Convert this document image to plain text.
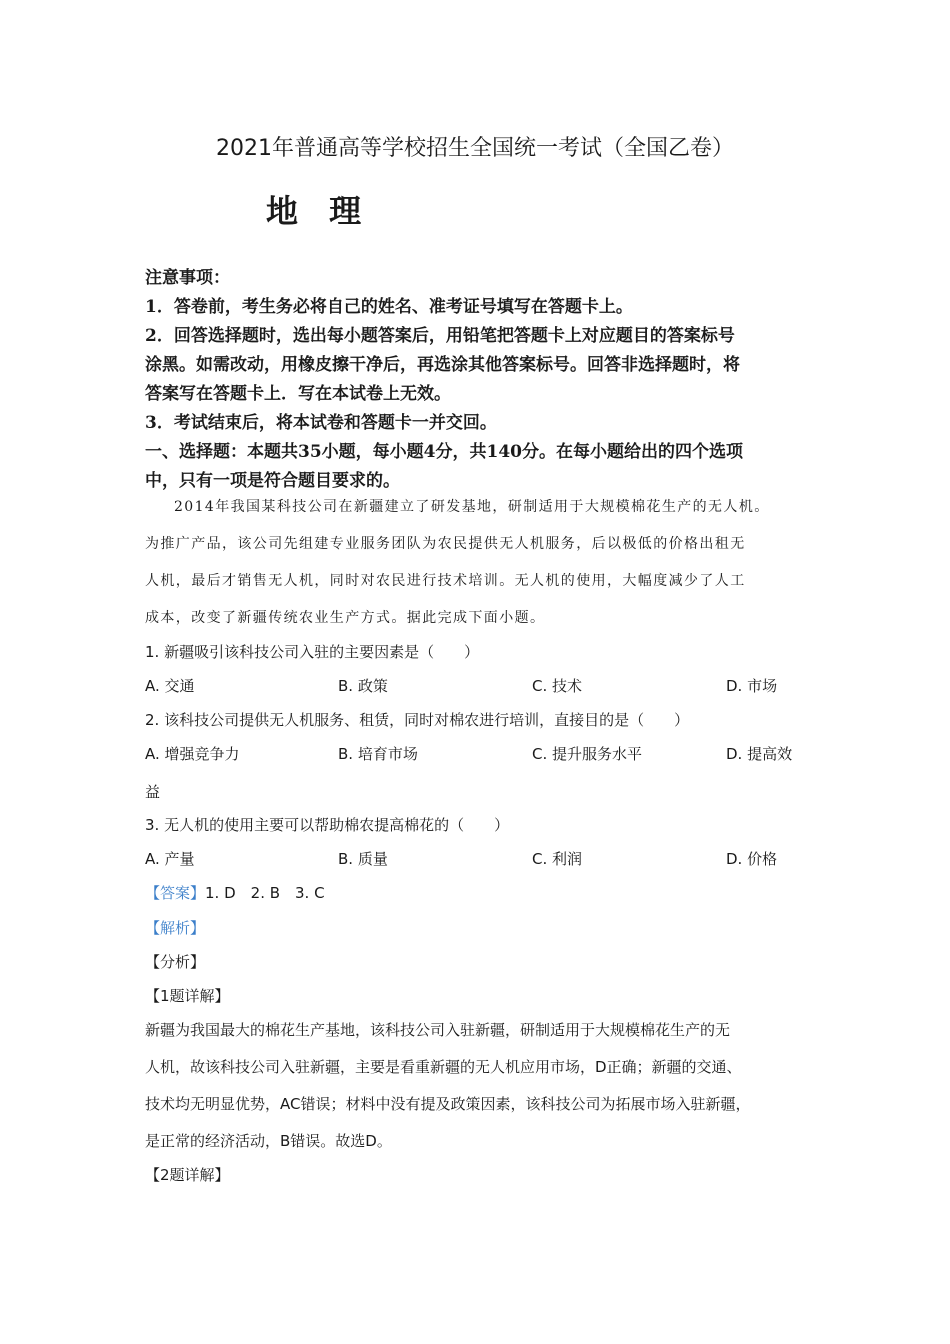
2021年普通高等学校招生全国统一考试（全国乙卷）
地 理
注意事项：
1．答卷前，考生务必将自己的姓名、准考证号填写在答题卡上。
2．回答选择题时，选出每小题答案后，用铅笔把答题卡上对应题目的答案标号
涂黑。如需改动，用橡皮擦干净后，再选涂其他答案标号。回答非选择题时，将
答案写在答题卡上．写在本试卷上无效。
3．考试结束后，将本试卷和答题卡一并交回。
一、选择题：本题共35小题，每小题4分，共140分。在每小题给出的四个选项
中，只有一项是符合题目要求的。
2014年我国某科技公司在新疆建立了研发基地，研制适用于大规模棉花生产的无人机。
为推广产品，该公司先组建专业服务团队为农民提供无人机服务，后以极低的价格出租无
人机，最后才销售无人机，同时对农民进行技术培训。无人机的使用，大幅度减少了人工
成本，改变了新疆传统农业生产方式。据此完成下面小题。
1. 新疆吸引该科技公司入驻的主要因素是（　　）
A. 交通	B. 政策	C. 技术	D. 市场
2. 该科技公司提供无人机服务、租赁，同时对棉农进行培训，直接目的是（　　）
A. 增强竞争力	B. 培育市场	C. 提升服务水平	D. 提高效
益
3. 无人机的使用主要可以帮助棉农提高棉花的（　　）
A. 产量	B. 质量	C. 利润	D. 价格
【答案】1. D　2. B　3. C
【解析】
【分析】
【1题详解】
新疆为我国最大的棉花生产基地，该科技公司入驻新疆，研制适用于大规模棉花生产的无
人机，故该科技公司入驻新疆，主要是看重新疆的无人机应用市场，D正确；新疆的交通、
技术均无明显优势，AC错误；材料中没有提及政策因素，该科技公司为拓展市场入驻新疆，
是正常的经济活动，B错误。故选D。
【2题详解】
